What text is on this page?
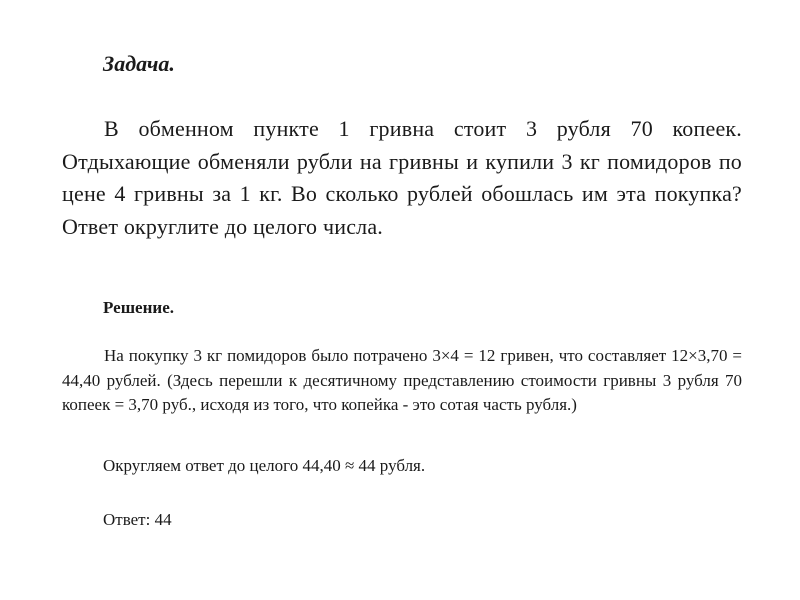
Задача.

В обменном пункте 1 гривна стоит 3 рубля 70 копеек. Отдыхающие обменяли рубли на гривны и купили 3 кг помидоров по цене 4 гривны за 1 кг. Во сколько рублей обошлась им эта покупка? Ответ округлите до целого числа.

Решение.

На покупку 3 кг помидоров было потрачено 3×4 = 12 гривен, что составляет 12×3,70 = 44,40 рублей. (Здесь перешли к десятичному представлению стоимости гривны 3 рубля 70 копеек = 3,70 руб., исходя из того, что копейка - это сотая часть рубля.)

Округляем ответ до целого 44,40 ≈ 44 рубля.

Ответ: 44
